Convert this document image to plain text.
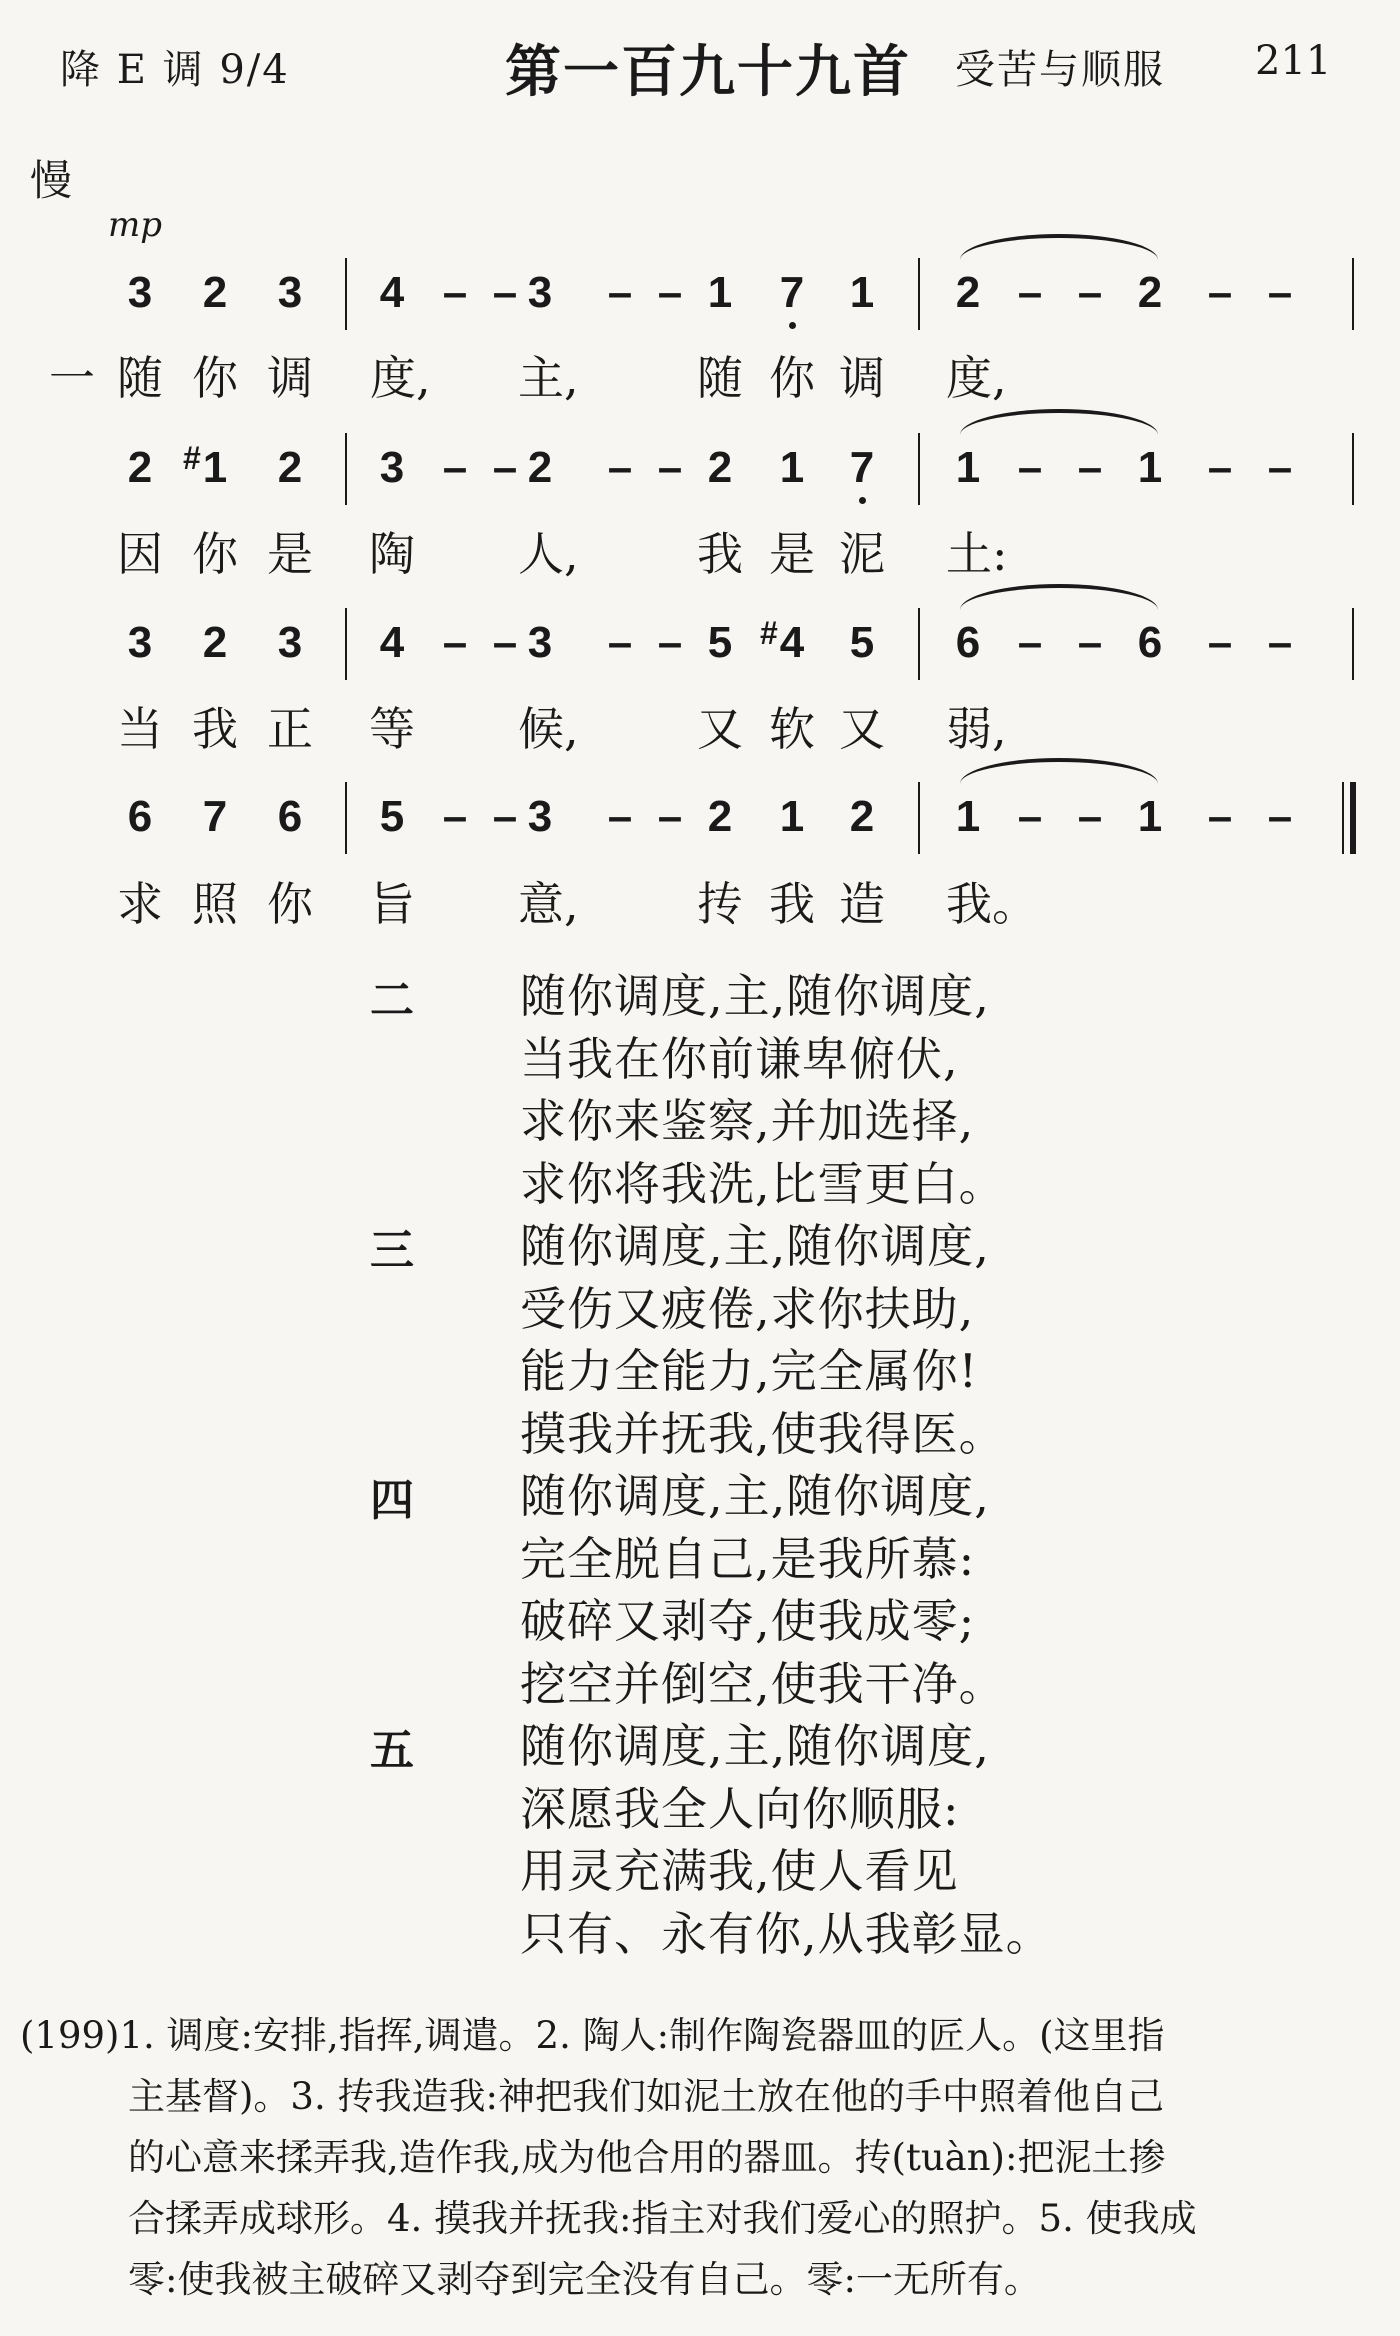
降 E 调 9/4	第一百九十九首 受苦与顺服 211
慢
mp
3	2	3	4 – – 3	– – 1	7	1	2 – – 2	– –
随 你 调 度, 主,	随 你 调 度,
一
2	1
#	2	3 – – 2	– – 2	1	7	1 – – 1	– –
因 你 是 陶 人,	我 是 泥 土:
3	2	3	4 – – 3	– – 5	4
#	5	6 – – 6	– –
当 我 正 等 候,	又 软 又 弱,
6	7	6	5 – – 3	– – 2	1	2	1 – – 1	– –
求 照 你 旨 意,	抟 我 造 我。
二 随你调度,主,随你调度,
当我在你前谦卑俯伏,
求你来鉴察,并加选择,
求你将我洗,比雪更白。
三 随你调度,主,随你调度,
受伤又疲倦,求你扶助,
能力全能力,完全属你!
摸我并抚我,使我得医。
四 随你调度,主,随你调度,
完全脱自己,是我所慕:
破碎又剥夺,使我成零;
挖空并倒空,使我干净。
五 随你调度,主,随你调度,
深愿我全人向你顺服:
用灵充满我,使人看见
只有、永有你,从我彰显。
(199)1. 调度:安排,指挥,调遣。2. 陶人:制作陶瓷器皿的匠人。(这里指
主基督)。3. 抟我造我:神把我们如泥土放在他的手中照着他自己
的心意来揉弄我,造作我,成为他合用的器皿。抟(tuàn):把泥土掺
合揉弄成球形。4. 摸我并抚我:指主对我们爱心的照护。5. 使我成
零:使我被主破碎又剥夺到完全没有自己。零:一无所有。
